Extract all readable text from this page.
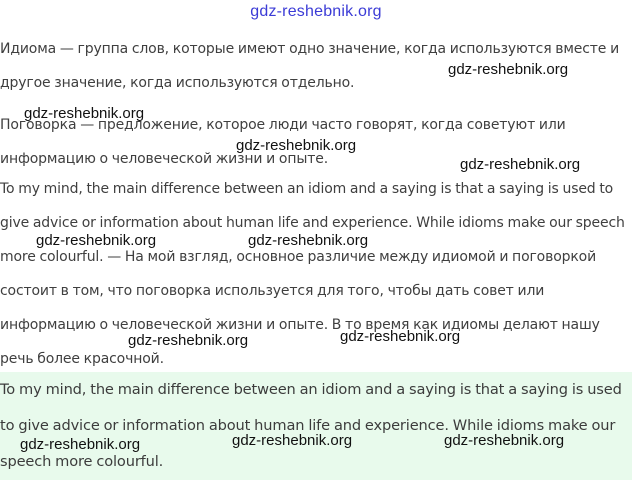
gdz-reshebnik.org

Идиома — группа слов, которые имеют одно значение, когда используются вместе и другое значение, когда используются отдельно.

Поговорка — предложение, которое люди часто говорят, когда советуют или информацию о человеческой жизни и опыте.

To my mind, the main difference between an idiom and a saying is that a saying is used to give advice or information about human life and experience. While idioms make our speech more colourful. — На мой взгляд, основное различие между идиомой и поговоркой состоит в том, что поговорка используется для того, чтобы дать совет или информацию о человеческой жизни и опыте. В то время как идиомы делают нашу речь более красочной.

To my mind, the main difference between an idiom and a saying is that a saying is used to give advice or information about human life and experience. While idioms make our speech more colourful.

gdz-reshebnik.org
gdz-reshebnik.org
gdz-reshebnik.org
gdz-reshebnik.org
gdz-reshebnik.org	gdz-reshebnik.org
gdz-reshebnik.org	gdz-reshebnik.org
gdz-reshebnik.org	gdz-reshebnik.org	gdz-reshebnik.org
